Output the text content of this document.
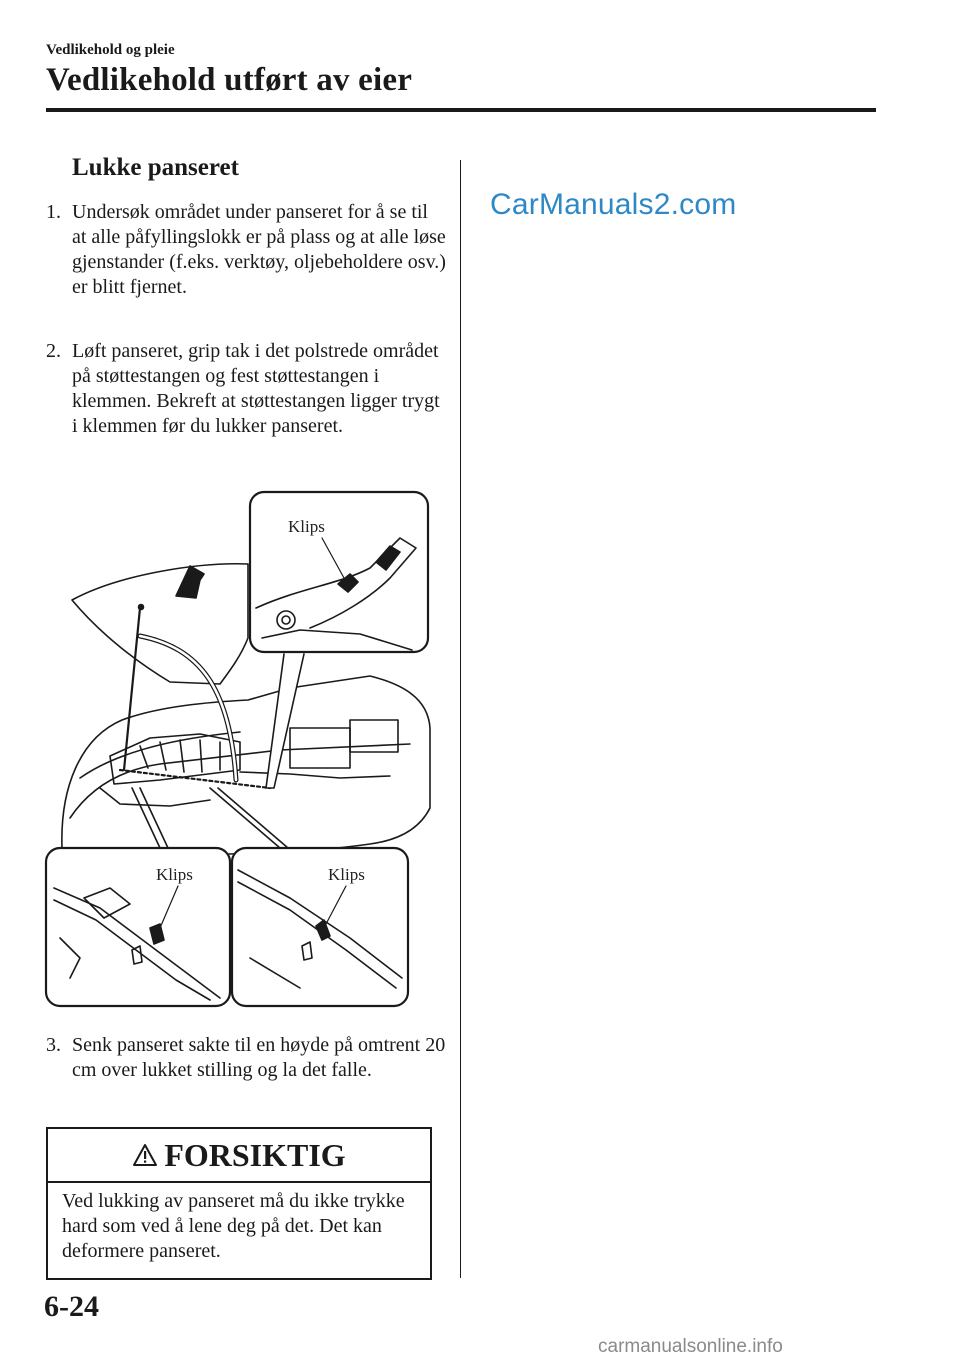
Vedlikehold og pleie
Vedlikehold utført av eier
Lukke panseret
1. Undersøk området under panseret for å se til at alle påfyllingslokk er på plass og at alle løse gjenstander (f.eks. verktøy, oljebeholdere osv.) er blitt fjernet.
2. Løft panseret, grip tak i det polstrede området på støttestangen og fest støttestangen i klemmen. Bekreft at støttestangen ligger trygt i klemmen før du lukker panseret.
Klips
Klips	Klips
3. Senk panseret sakte til en høyde på omtrent 20 cm over lukket stilling og la det falle.
FORSIKTIG
Ved lukking av panseret må du ikke trykke hard som ved å lene deg på det. Det kan deformere panseret.
CarManuals2.com
6-24
carmanualsonline.info
